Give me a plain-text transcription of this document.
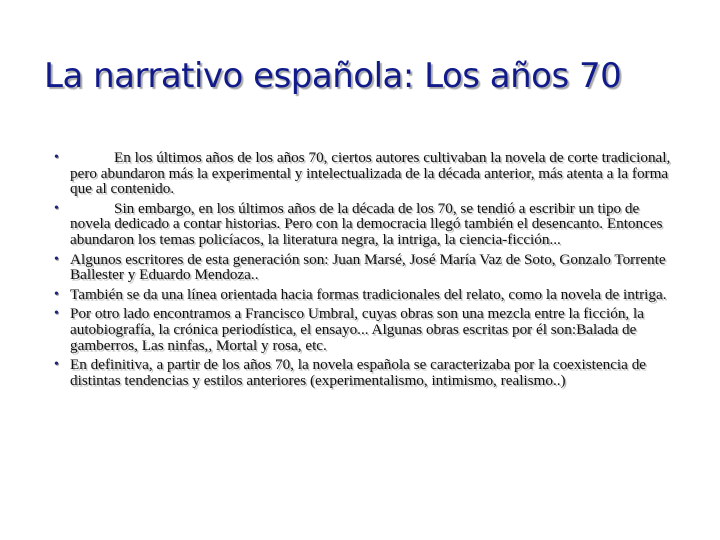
La narrativo española: Los años 70
•	En los últimos años de los años 70, ciertos autores cultivaban la novela de corte tradicional, pero abundaron más la experimental y intelectualizada de la década anterior, más atenta a la forma que al contenido.
•	Sin embargo, en los últimos años de la década de los 70, se tendió a escribir un tipo de novela dedicado a contar historias. Pero con la democracia llegó también el desencanto. Entonces abundaron los temas policíacos, la literatura negra, la intriga, la ciencia-ficción...
• Algunos escritores de esta generación son: Juan Marsé, José María Vaz de Soto, Gonzalo Torrente Ballester y Eduardo Mendoza..
• También se da una línea orientada hacia formas tradicionales del relato, como la novela de intriga.
• Por otro lado encontramos a Francisco Umbral, cuyas obras son una mezcla entre la ficción, la autobiografía, la crónica periodística, el ensayo... Algunas obras escritas por él son:Balada de gamberros, Las ninfas,, Mortal y rosa, etc.
• En definitiva, a partir de los años 70, la novela española se caracterizaba por la coexistencia de distintas tendencias y estilos anteriores (experimentalismo, intimismo, realismo..)
